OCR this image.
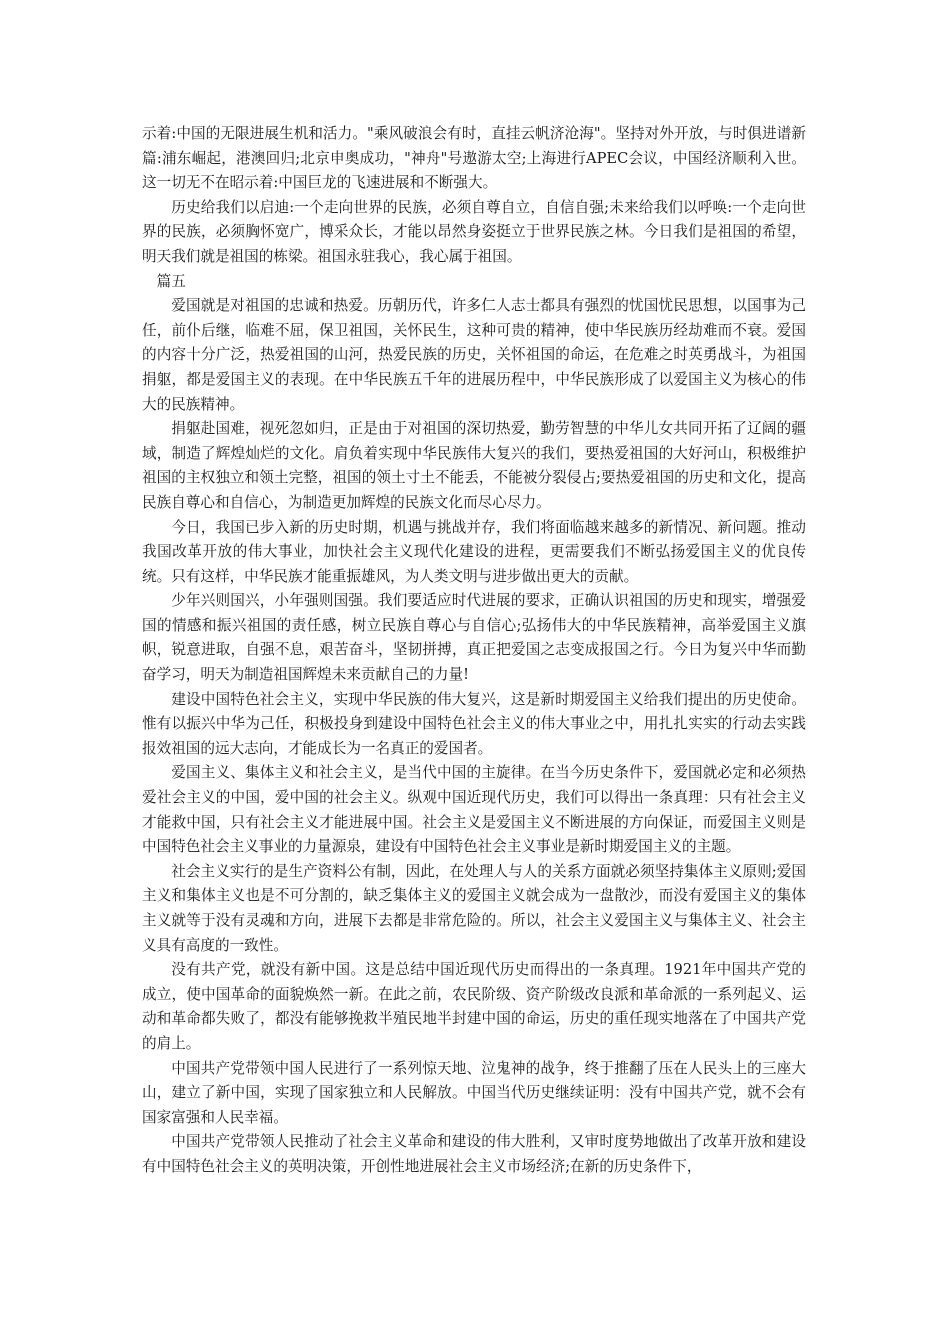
示着:中国的无限进展生机和活力。"乘风破浪会有时，直挂云帆济沧海"。坚持对外开放，与时俱进谱新篇:浦东崛起，港澳回归;北京申奥成功，"神舟"号遨游太空;上海进行APEC会议，中国经济顺利入世。这一切无不在昭示着:中国巨龙的飞速进展和不断强大。

历史给我们以启迪:一个走向世界的民族，必须自尊自立，自信自强;未来给我们以呼唤:一个走向世界的民族，必须胸怀宽广，博采众长，才能以昂然身姿挺立于世界民族之林。今日我们是祖国的希望，明天我们就是祖国的栋梁。祖国永驻我心，我心属于祖国。

篇五

爱国就是对祖国的忠诚和热爱。历朝历代，许多仁人志士都具有强烈的忧国忧民思想，以国事为己任，前仆后继，临难不屈，保卫祖国，关怀民生，这种可贵的精神，使中华民族历经劫难而不衰。爱国的内容十分广泛，热爱祖国的山河，热爱民族的历史，关怀祖国的命运，在危难之时英勇战斗，为祖国捐躯，都是爱国主义的表现。在中华民族五千年的进展历程中，中华民族形成了以爱国主义为核心的伟大的民族精神。

捐躯赴国难，视死忽如归，正是由于对祖国的深切热爱，勤劳智慧的中华儿女共同开拓了辽阔的疆域，制造了辉煌灿烂的文化。肩负着实现中华民族伟大复兴的我们，要热爱祖国的大好河山，积极维护祖国的主权独立和领土完整，祖国的领土寸土不能丢，不能被分裂侵占;要热爱祖国的历史和文化，提高民族自尊心和自信心，为制造更加辉煌的民族文化而尽心尽力。

今日，我国已步入新的历史时期，机遇与挑战并存，我们将面临越来越多的新情况、新问题。推动我国改革开放的伟大事业，加快社会主义现代化建设的进程，更需要我们不断弘扬爱国主义的优良传统。只有这样，中华民族才能重振雄风，为人类文明与进步做出更大的贡献。

少年兴则国兴，小年强则国强。我们要适应时代进展的要求，正确认识祖国的历史和现实，增强爱国的情感和振兴祖国的责任感，树立民族自尊心与自信心;弘扬伟大的中华民族精神，高举爱国主义旗帜，锐意进取，自强不息，艰苦奋斗，坚韧拼搏，真正把爱国之志变成报国之行。今日为复兴中华而勤奋学习，明天为制造祖国辉煌未来贡献自己的力量!

建设中国特色社会主义，实现中华民族的伟大复兴，这是新时期爱国主义给我们提出的历史使命。惟有以振兴中华为己任，积极投身到建设中国特色社会主义的伟大事业之中，用扎扎实实的行动去实践报效祖国的远大志向，才能成长为一名真正的爱国者。

爱国主义、集体主义和社会主义，是当代中国的主旋律。在当今历史条件下，爱国就必定和必须热爱社会主义的中国，爱中国的社会主义。纵观中国近现代历史，我们可以得出一条真理：只有社会主义才能救中国，只有社会主义才能进展中国。社会主义是爱国主义不断进展的方向保证，而爱国主义则是中国特色社会主义事业的力量源泉，建设有中国特色社会主义事业是新时期爱国主义的主题。

社会主义实行的是生产资料公有制，因此，在处理人与人的关系方面就必须坚持集体主义原则;爱国主义和集体主义也是不可分割的，缺乏集体主义的爱国主义就会成为一盘散沙，而没有爱国主义的集体主义就等于没有灵魂和方向，进展下去都是非常危险的。所以，社会主义爱国主义与集体主义、社会主义具有高度的一致性。

没有共产党，就没有新中国。这是总结中国近现代历史而得出的一条真理。1921年中国共产党的成立，使中国革命的面貌焕然一新。在此之前，农民阶级、资产阶级改良派和革命派的一系列起义、运动和革命都失败了，都没有能够挽救半殖民地半封建中国的命运，历史的重任现实地落在了中国共产党的肩上。

中国共产党带领中国人民进行了一系列惊天地、泣鬼神的战争，终于推翻了压在人民头上的三座大山，建立了新中国，实现了国家独立和人民解放。中国当代历史继续证明：没有中国共产党，就不会有国家富强和人民幸福。

中国共产党带领人民推动了社会主义革命和建设的伟大胜利，又审时度势地做出了改革开放和建设有中国特色社会主义的英明决策，开创性地进展社会主义市场经济;在新的历史条件下，
